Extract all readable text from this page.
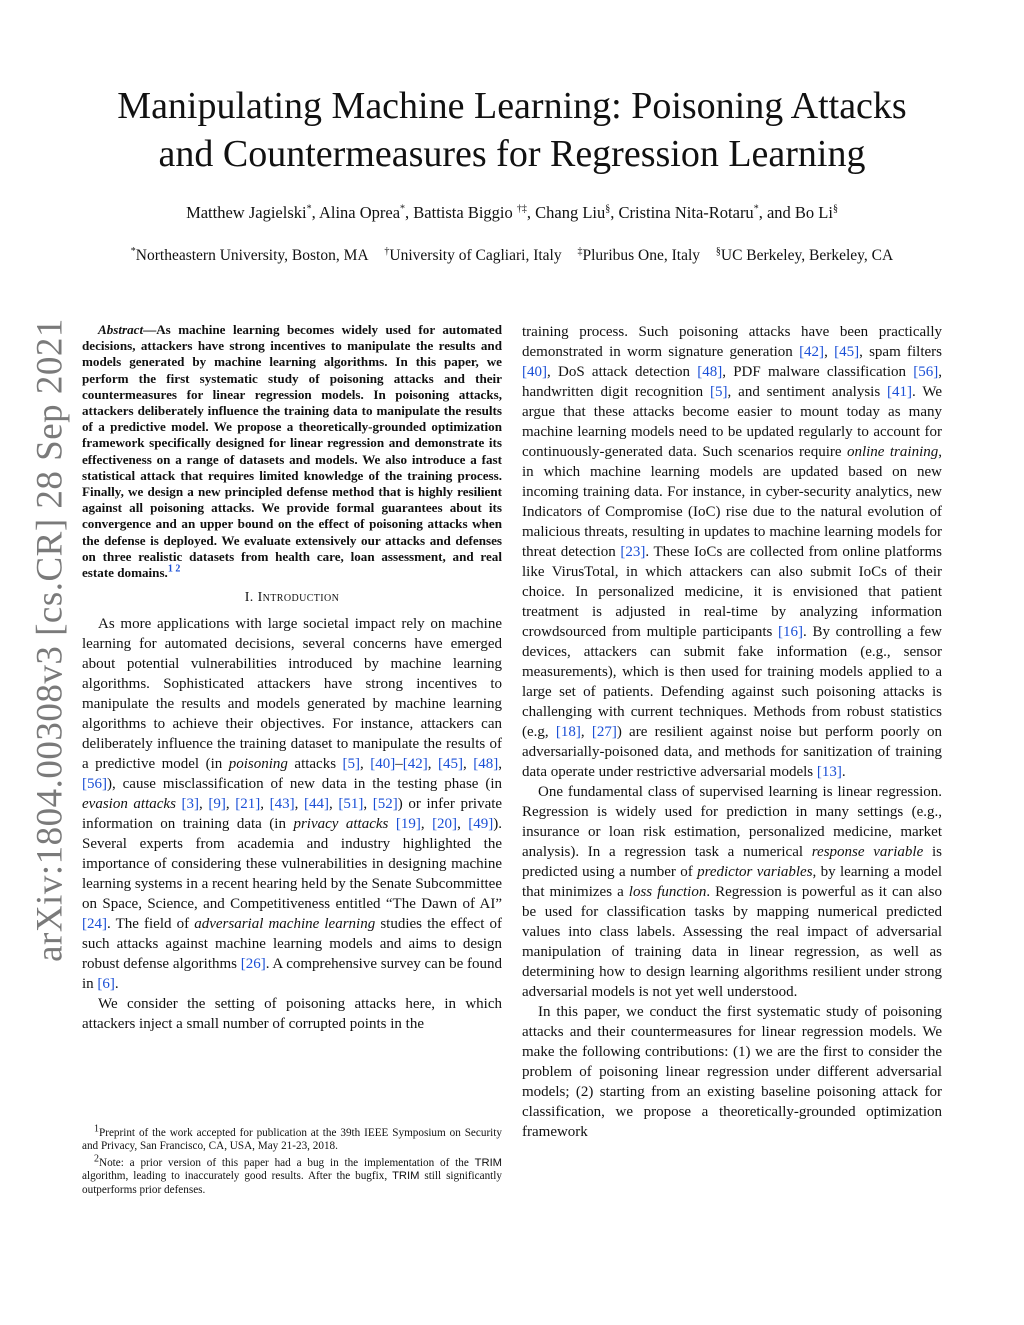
arXiv:1804.00308v3 [cs.CR] 28 Sep 2021
Manipulating Machine Learning: Poisoning Attacks
and Countermeasures for Regression Learning
Matthew Jagielski*, Alina Oprea*, Battista Biggio †‡, Chang Liu§, Cristina Nita-Rotaru*, and Bo Li§
*Northeastern University, Boston, MA †University of Cagliari, Italy ‡Pluribus One, Italy §UC Berkeley, Berkeley, CA

Abstract—As machine learning becomes widely used for automated decisions, attackers have strong incentives to manipulate the results and models generated by machine learning algorithms. In this paper, we perform the first systematic study of poisoning attacks and their countermeasures for linear regression models. In poisoning attacks, attackers deliberately influence the training data to manipulate the results of a predictive model. We propose a theoretically-grounded optimization framework specifically designed for linear regression and demonstrate its effectiveness on a range of datasets and models. We also introduce a fast statistical attack that requires limited knowledge of the training process. Finally, we design a new principled defense method that is highly resilient against all poisoning attacks. We provide formal guarantees about its convergence and an upper bound on the effect of poisoning attacks when the defense is deployed. We evaluate extensively our attacks and defenses on three realistic datasets from health care, loan assessment, and real estate domains.$^{1 2}$

I. Introduction

As more applications with large societal impact rely on machine learning for automated decisions, several concerns have emerged about potential vulnerabilities introduced by machine learning algorithms. Sophisticated attackers have strong incentives to manipulate the results and models generated by machine learning algorithms to achieve their objectives. For instance, attackers can deliberately influence the training dataset to manipulate the results of a predictive model (in poisoning attacks [5], [40]–[42], [45], [48], [56]), cause misclassification of new data in the testing phase (in evasion attacks [3], [9], [21], [43], [44], [51], [52]) or infer private information on training data (in privacy attacks [19], [20], [49]). Several experts from academia and industry highlighted the importance of considering these vulnerabilities in designing machine learning systems in a recent hearing held by the Senate Subcommittee on Space, Science, and Competitiveness entitled “The Dawn of AI” [24]. The field of adversarial machine learning studies the effect of such attacks against machine learning models and aims to design robust defense algorithms [26]. A comprehensive survey can be found in [6].

We consider the setting of poisoning attacks here, in which attackers inject a small number of corrupted points in the

training process. Such poisoning attacks have been practically demonstrated in worm signature generation [42], [45], spam filters [40], DoS attack detection [48], PDF malware classification [56], handwritten digit recognition [5], and sentiment analysis [41]. We argue that these attacks become easier to mount today as many machine learning models need to be updated regularly to account for continuously-generated data. Such scenarios require online training, in which machine learning models are updated based on new incoming training data. For instance, in cyber-security analytics, new Indicators of Compromise (IoC) rise due to the natural evolution of malicious threats, resulting in updates to machine learning models for threat detection [23]. These IoCs are collected from online platforms like VirusTotal, in which attackers can also submit IoCs of their choice. In personalized medicine, it is envisioned that patient treatment is adjusted in real-time by analyzing information crowdsourced from multiple participants [16]. By controlling a few devices, attackers can submit fake information (e.g., sensor measurements), which is then used for training models applied to a large set of patients. Defending against such poisoning attacks is challenging with current techniques. Methods from robust statistics (e.g, [18], [27]) are resilient against noise but perform poorly on adversarially-poisoned data, and methods for sanitization of training data operate under restrictive adversarial models [13].

One fundamental class of supervised learning is linear regression. Regression is widely used for prediction in many settings (e.g., insurance or loan risk estimation, personalized medicine, market analysis). In a regression task a numerical response variable is predicted using a number of predictor variables, by learning a model that minimizes a loss function. Regression is powerful as it can also be used for classification tasks by mapping numerical predicted values into class labels. Assessing the real impact of adversarial manipulation of training data in linear regression, as well as determining how to design learning algorithms resilient under strong adversarial models is not yet well understood.

In this paper, we conduct the first systematic study of poisoning attacks and their countermeasures for linear regression models. We make the following contributions: (1) we are the first to consider the problem of poisoning linear regression under different adversarial models; (2) starting from an existing baseline poisoning attack for classification, we propose a theoretically-grounded optimization framework

$^1$Preprint of the work accepted for publication at the 39th IEEE Symposium on Security and Privacy, San Francisco, CA, USA, May 21-23, 2018.

$^2$Note: a prior version of this paper had a bug in the implementation of the TRIM algorithm, leading to inaccurately good results. After the bugfix, TRIM still significantly outperforms prior defenses.
